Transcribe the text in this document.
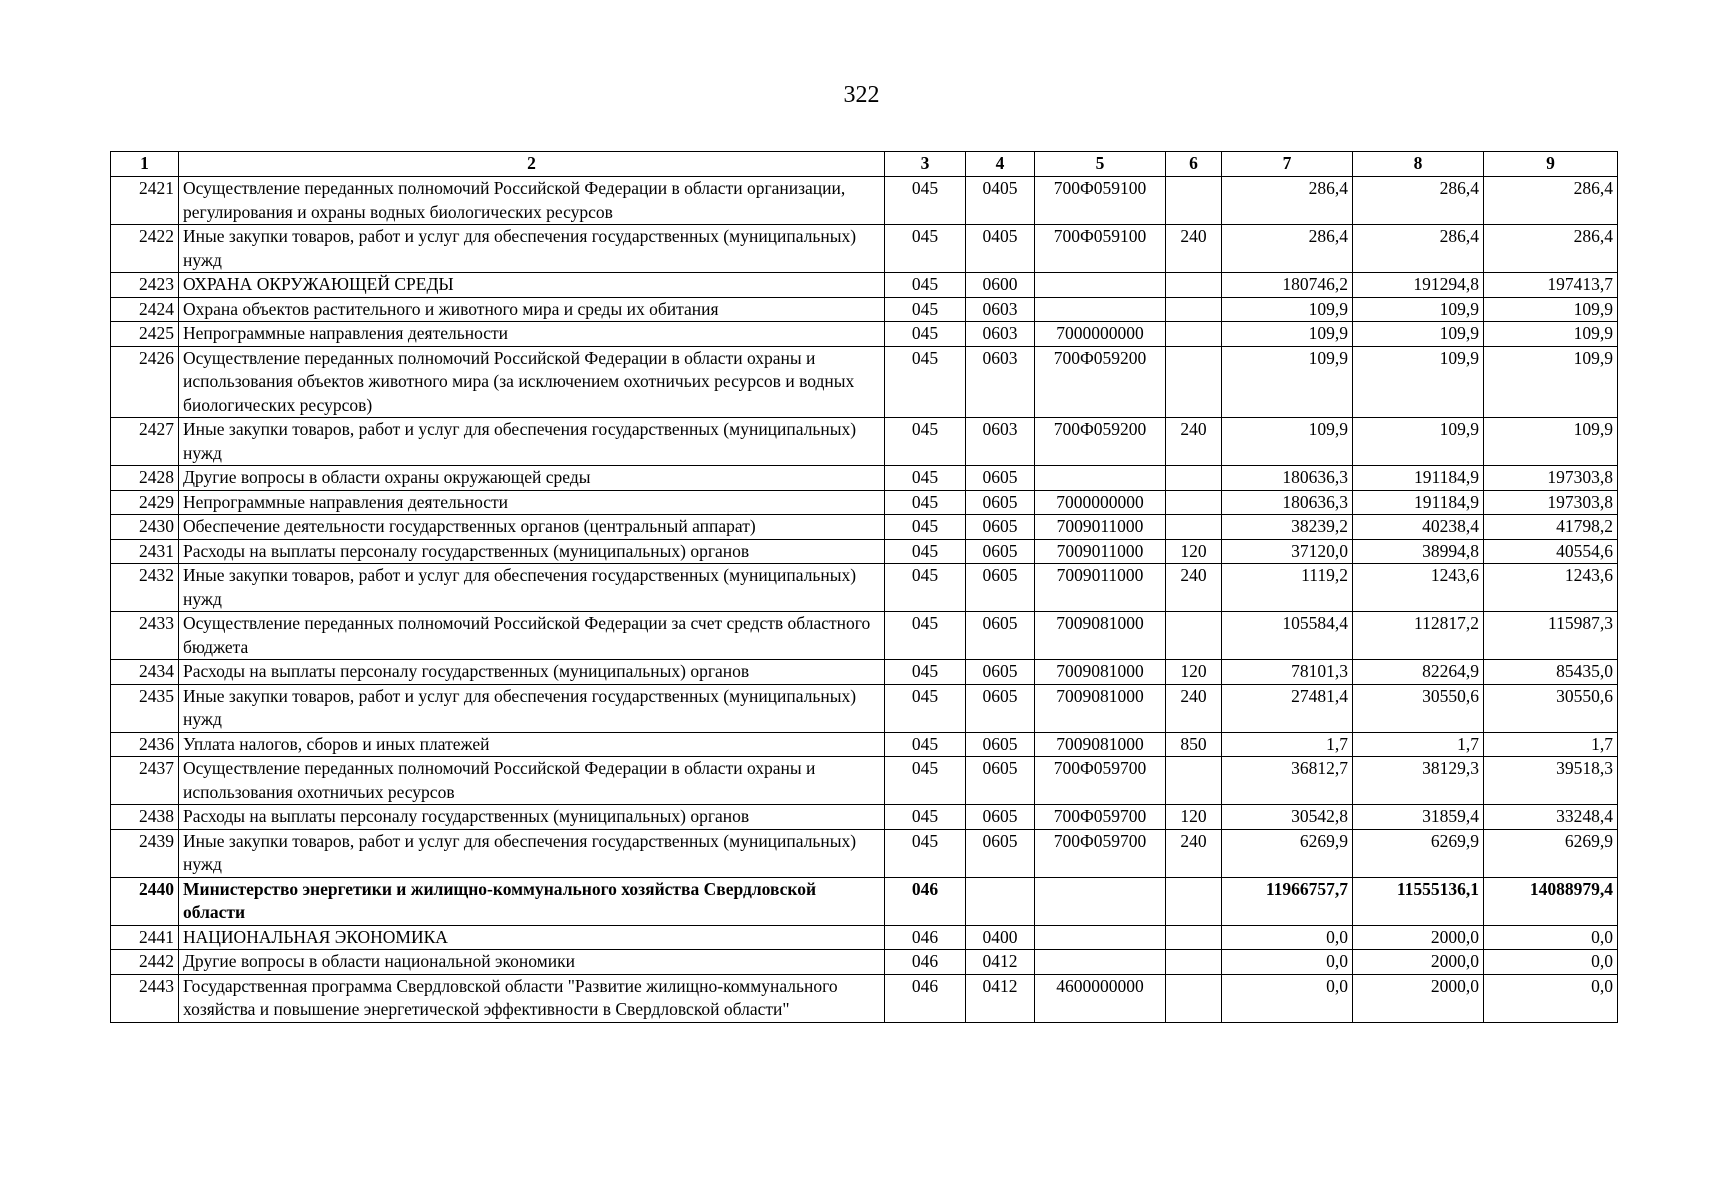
322
1	2	3	4	5	6	7	8	9
2421	Осуществление переданных полномочий Российской Федерации в области организации, регулирования и охраны водных биологических ресурсов	045	0405	700Ф059100		286,4	286,4	286,4
2422	Иные закупки товаров, работ и услуг для обеспечения государственных (муниципальных) нужд	045	0405	700Ф059100	240	286,4	286,4	286,4
2423	ОХРАНА ОКРУЖАЮЩЕЙ СРЕДЫ	045	0600			180746,2	191294,8	197413,7
2424	Охрана объектов растительного и животного мира и среды их обитания	045	0603			109,9	109,9	109,9
2425	Непрограммные направления деятельности	045	0603	7000000000		109,9	109,9	109,9
2426	Осуществление переданных полномочий Российской Федерации в области охраны и использования объектов животного мира (за исключением охотничьих ресурсов и водных биологических ресурсов)	045	0603	700Ф059200		109,9	109,9	109,9
2427	Иные закупки товаров, работ и услуг для обеспечения государственных (муниципальных) нужд	045	0603	700Ф059200	240	109,9	109,9	109,9
2428	Другие вопросы в области охраны окружающей среды	045	0605			180636,3	191184,9	197303,8
2429	Непрограммные направления деятельности	045	0605	7000000000		180636,3	191184,9	197303,8
2430	Обеспечение деятельности государственных органов (центральный аппарат)	045	0605	7009011000		38239,2	40238,4	41798,2
2431	Расходы на выплаты персоналу государственных (муниципальных) органов	045	0605	7009011000	120	37120,0	38994,8	40554,6
2432	Иные закупки товаров, работ и услуг для обеспечения государственных (муниципальных) нужд	045	0605	7009011000	240	1119,2	1243,6	1243,6
2433	Осуществление переданных полномочий Российской Федерации за счет средств областного бюджета	045	0605	7009081000		105584,4	112817,2	115987,3
2434	Расходы на выплаты персоналу государственных (муниципальных) органов	045	0605	7009081000	120	78101,3	82264,9	85435,0
2435	Иные закупки товаров, работ и услуг для обеспечения государственных (муниципальных) нужд	045	0605	7009081000	240	27481,4	30550,6	30550,6
2436	Уплата налогов, сборов и иных платежей	045	0605	7009081000	850	1,7	1,7	1,7
2437	Осуществление переданных полномочий Российской Федерации в области охраны и использования охотничьих ресурсов	045	0605	700Ф059700		36812,7	38129,3	39518,3
2438	Расходы на выплаты персоналу государственных (муниципальных) органов	045	0605	700Ф059700	120	30542,8	31859,4	33248,4
2439	Иные закупки товаров, работ и услуг для обеспечения государственных (муниципальных) нужд	045	0605	700Ф059700	240	6269,9	6269,9	6269,9
2440	Министерство энергетики и жилищно-коммунального хозяйства Свердловской области	046				11966757,7	11555136,1	14088979,4
2441	НАЦИОНАЛЬНАЯ ЭКОНОМИКА	046	0400			0,0	2000,0	0,0
2442	Другие вопросы в области национальной экономики	046	0412			0,0	2000,0	0,0
2443	Государственная программа Свердловской области "Развитие жилищно-коммунального хозяйства и повышение энергетической эффективности в Свердловской области"	046	0412	4600000000		0,0	2000,0	0,0
